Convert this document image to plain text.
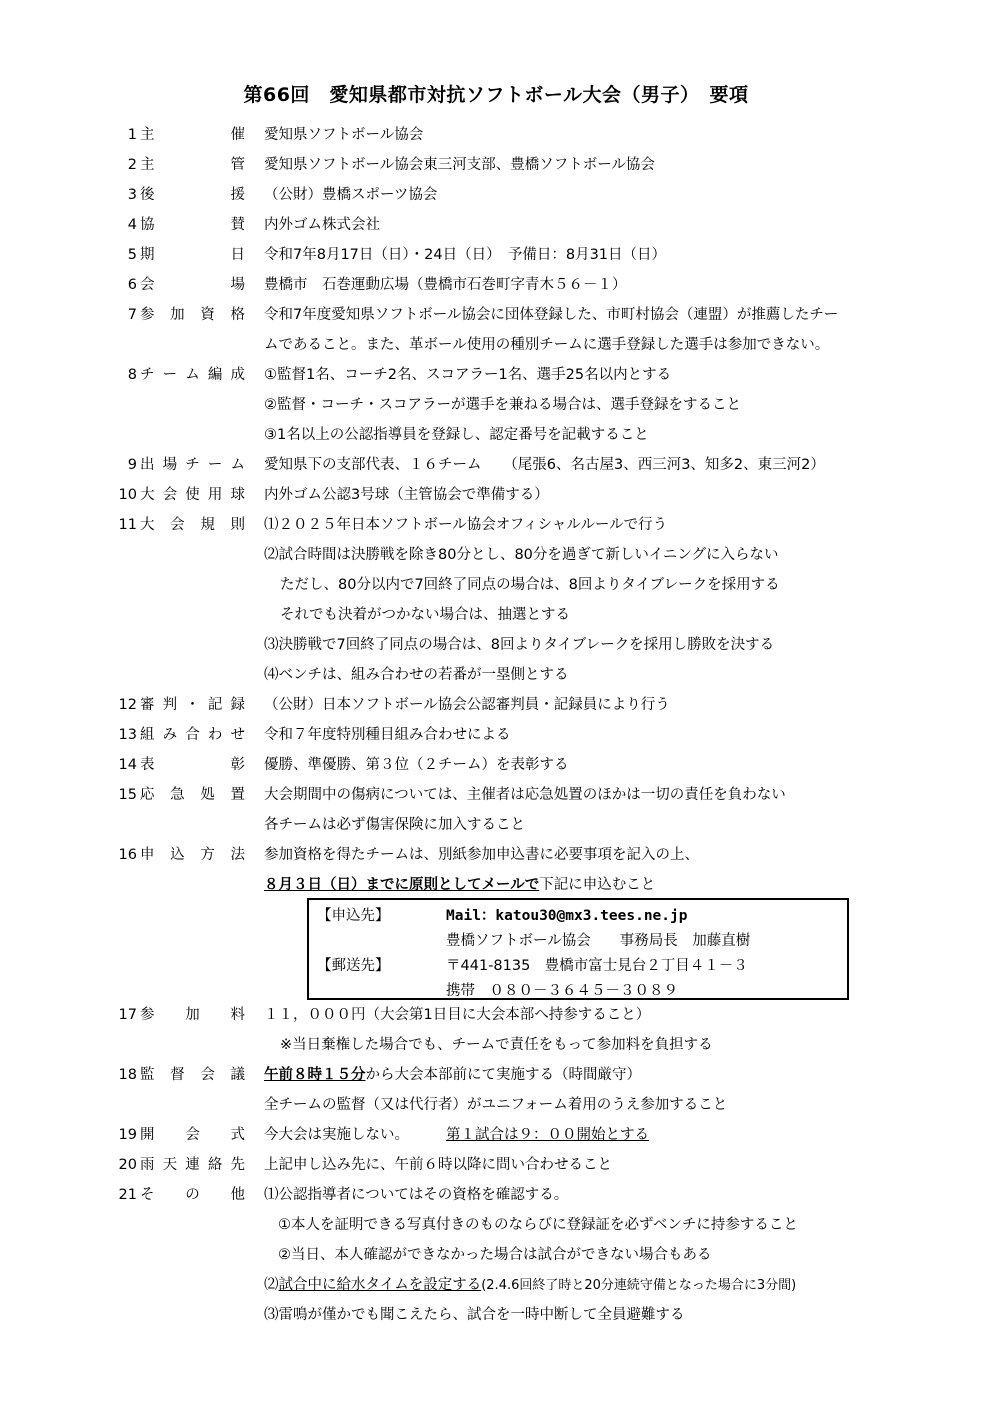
第66回　愛知県都市対抗ソフトボール大会（男子）　要項
1 主	催 愛知県ソフトボール協会
2 主	管 愛知県ソフトボール協会東三河支部、豊橋ソフトボール協会
3 後	援 （公財）豊橋スポーツ協会
4 協	賛 内外ゴム株式会社
5 期	日 令和7年8月17日（日）・24日（日）　予備日：8月31日（日）
6 会	場 豊橋市　石巻運動広場（豊橋市石巻町字青木５６－１）
7 参 加 資 格 令和7年度愛知県ソフトボール協会に団体登録した、市町村協会（連盟）が推薦したチー
ムであること。また、革ボール使用の種別チームに選手登録した選手は参加できない。
8 チ ー ム 編 成 ①監督1名、コーチ2名、スコアラー1名、選手25名以内とする
②監督・コーチ・スコアラーが選手を兼ねる場合は、選手登録をすること
③1名以上の公認指導員を登録し、認定番号を記載すること
9 出 場 チ ー ム 愛知県下の支部代表、１６チーム　　（尾張6、名古屋3、西三河3、知多2、東三河2）
10 大 会 使 用 球 内外ゴム公認3号球（主管協会で準備する）
11 大 会 規 則 ⑴２０２５年日本ソフトボール協会オフィシャルルールで行う
⑵試合時間は決勝戦を除き80分とし、80分を過ぎて新しいイニングに入らない
ただし、80分以内で7回終了同点の場合は、8回よりタイブレークを採用する
それでも決着がつかない場合は、抽選とする
⑶決勝戦で7回終了同点の場合は、8回よりタイブレークを採用し勝敗を決する
⑷ベンチは、組み合わせの若番が一塁側とする
12 審 判 ・ 記 録 （公財）日本ソフトボール協会公認審判員・記録員により行う
13 組 み 合 わ せ 令和７年度特別種目組み合わせによる
14 表	彰 優勝、準優勝、第３位（２チーム）を表彰する
15 応 急 処 置 大会期間中の傷病については、主催者は応急処置のほかは一切の責任を負わない
各チームは必ず傷害保険に加入すること
16 申 込 方 法 参加資格を得たチームは、別紙参加申込書に必要事項を記入の上、
８月３日（日）までに原則としてメールで下記に申込むこと
【申込先】	Mail：katou30@mx3.tees.ne.jp
豊橋ソフトボール協会　　事務局長　加藤直樹
【郵送先】	〒441-8135　豊橋市富士見台２丁目４１－３
携帯　０８０－３６４５－３０８９
17 参 加 料 １１，０００円（大会第1日目に大会本部へ持参すること）
※当日棄権した場合でも、チームで責任をもって参加料を負担する
18 監 督 会 議 午前８時１５分から大会本部前にて実施する（時間厳守）
全チームの監督（又は代行者）がユニフォーム着用のうえ参加すること
19 開 会 式 今大会は実施しない。	第１試合は９：００開始とする
20 雨 天 連 絡 先 上記申し込み先に、午前６時以降に問い合わせること
21 そ の 他 ⑴公認指導者についてはその資格を確認する。
①本人を証明できる写真付きのものならびに登録証を必ずベンチに持参すること
②当日、本人確認ができなかった場合は試合ができない場合もある
⑵試合中に給水タイムを設定する(2.4.6回終了時と20分連続守備となった場合に3分間)
⑶雷鳴が僅かでも聞こえたら、試合を一時中断して全員避難する
